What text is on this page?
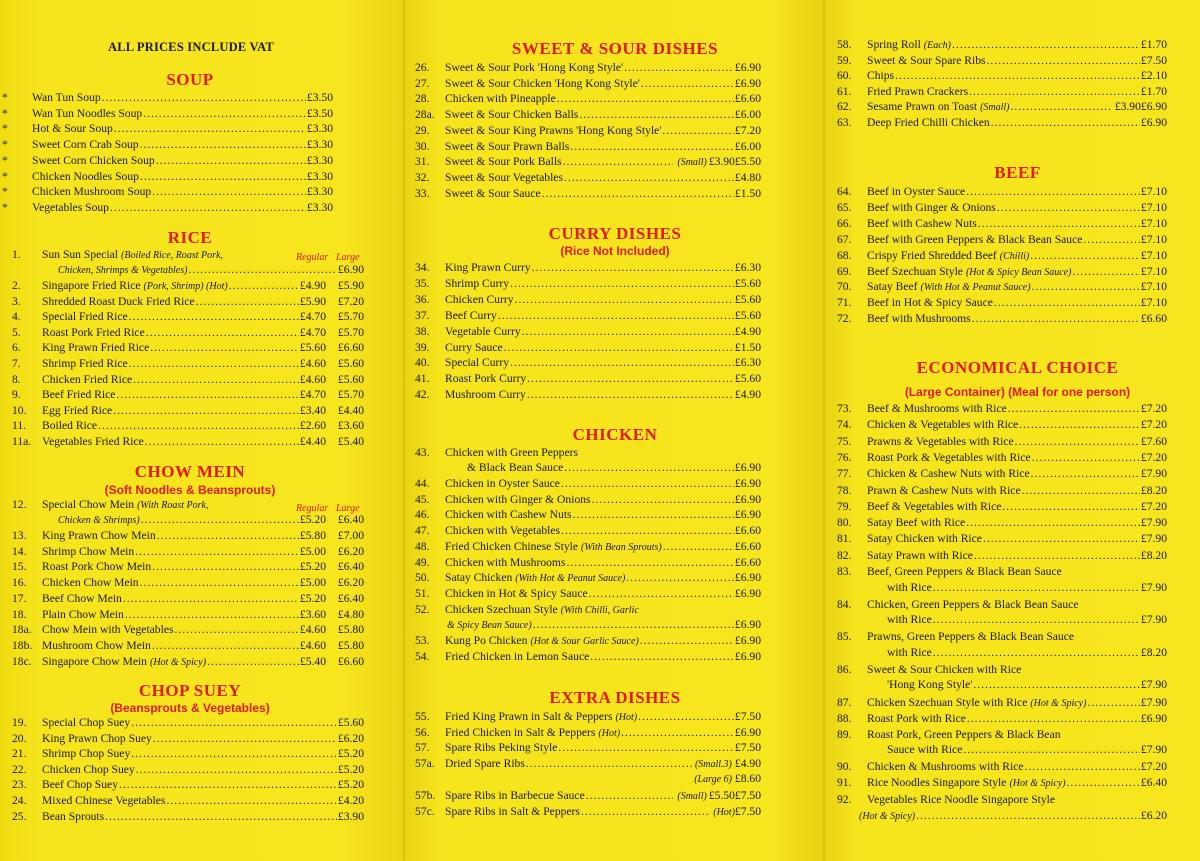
ALL PRICES INCLUDE VAT
SOUP
*	Wan Tun Soup .....	£3.50
*	Wan Tun Noodles Soup .....	£3.50
*	Hot & Sour Soup .....	£3.30
*	Sweet Corn Crab Soup .....	£3.30
*	Sweet Corn Chicken Soup .....	£3.30
*	Chicken Noodles Soup .....	£3.30
*	Chicken Mushroom Soup .....	£3.30
*	Vegetables Soup .....	£3.30
RICE
Regular Large
1.	Sun Sun Special (Boiled Rice, Roast Pork,
Chicken, Shrimps & Vegetables) .....	£6.90
2.	Singapore Fried Rice (Pork, Shrimp) (Hot) .....	£4.90	£5.90
3.	Shredded Roast Duck Fried Rice .....	£5.90	£7.20
4.	Special Fried Rice .....	£4.70	£5.70
5.	Roast Pork Fried Rice .....	£4.70	£5.70
6.	King Prawn Fried Rice .....	£5.60	£6.60
7.	Shrimp Fried Rice .....	£4.60	£5.60
8.	Chicken Fried Rice .....	£4.60	£5.60
9.	Beef Fried Rice .....	£4.70	£5.70
10.	Egg Fried Rice .....	£3.40	£4.40
11.	Boiled Rice .....	£2.60	£3.60
11a. Vegetables Fried Rice .....	£4.40	£5.40
CHOW MEIN
(Soft Noodles & Beansprouts)
Regular Large
12.	Special Chow Mein (With Roast Pork,
Chicken & Shrimps) .....	£5.20	£6.40
13.	King Prawn Chow Mein .....	£5.80	£7.00
14.	Shrimp Chow Mein .....	£5.00	£6.20
15.	Roast Pork Chow Mein .....	£5.20	£6.40
16.	Chicken Chow Mein .....	£5.00	£6.20
17.	Beef Chow Mein .....	£5.20	£6.40
18.	Plain Chow Mein .....	£3.60	£4.80
18a. Chow Mein with Vegetables .....	£4.60	£5.80
18b. Mushroom Chow Mein .....	£4.60	£5.80
18c. Singapore Chow Mein (Hot & Spicy) .....	£5.40	£6.60
CHOP SUEY
(Beansprouts & Vegetables)
19.	Special Chop Suey .....	£5.60
20.	King Prawn Chop Suey .....	£6.20
21.	Shrimp Chop Suey .....	£5.20
22.	Chicken Chop Suey .....	£5.20
23.	Beef Chop Suey .....	£5.20
24.	Mixed Chinese Vegetables .....	£4.20
25.	Bean Sprouts .....	£3.90
SWEET & SOUR DISHES
26.	Sweet & Sour Pork 'Hong Kong Style' .....	£6.90
27.	Sweet & Sour Chicken 'Hong Kong Style' .....	£6.90
28.	Chicken with Pineapple .....	£6.60
28a. Sweet & Sour Chicken Balls .....	£6.00
29.	Sweet & Sour King Prawns 'Hong Kong Style' .....	£7.20
30.	Sweet & Sour Prawn Balls .....	£6.00
31.	Sweet & Sour Pork Balls .....	(Small) £3.90 £5.50
32.	Sweet & Sour Vegetables .....	£4.80
33.	Sweet & Sour Sauce .....	£1.50
CURRY DISHES
(Rice Not Included)
34.	King Prawn Curry .....	£6.30
35.	Shrimp Curry .....	£5.60
36.	Chicken Curry .....	£5.60
37.	Beef Curry .....	£5.60
38.	Vegetable Curry .....	£4.90
39.	Curry Sauce .....	£1.50
40.	Special Curry .....	£6.30
41.	Roast Pork Curry .....	£5.60
42.	Mushroom Curry .....	£4.90
CHICKEN
43.	Chicken with Green Peppers
& Black Bean Sauce .....	£6.90
44.	Chicken in Oyster Sauce .....	£6.90
45.	Chicken with Ginger & Onions .....	£6.90
46.	Chicken with Cashew Nuts .....	£6.90
47.	Chicken with Vegetables .....	£6.60
48.	Fried Chicken Chinese Style (With Bean Sprouts) .....	£6.60
49.	Chicken with Mushrooms .....	£6.60
50.	Satay Chicken (With Hot & Peanut Sauce) .....	£6.90
51.	Chicken in Hot & Spicy Sauce .....	£6.90
52.	Chicken Szechuan Style (With Chilli, Garlic
& Spicy Bean Sauce) .....	£6.90
53.	Kung Po Chicken (Hot & Sour Garlic Sauce) .....	£6.90
54.	Fried Chicken in Lemon Sauce .....	£6.90
EXTRA DISHES
55.	Fried King Prawn in Salt & Peppers (Hot) .....	£7.50
56.	Fried Chicken in Salt & Peppers (Hot) .....	£6.90
57.	Spare Ribs Peking Style .....	£7.50
57a. Dried Spare Ribs .....	(Small.3) £4.90
(Large 6) £8.60
57b. Spare Ribs in Barbecue Sauce .....	(Small) £5.50 £7.50
57c. Spare Ribs in Salt & Peppers .....	(Hot) £7.50
58.	Spring Roll (Each) .....	£1.70
59.	Sweet & Sour Spare Ribs .....	£7.50
60.	Chips .....	£2.10
61.	Fried Prawn Crackers .....	£1.70
62.	Sesame Prawn on Toast (Small) .....	£3.90 £6.90
63.	Deep Fried Chilli Chicken .....	£6.90
BEEF
64.	Beef in Oyster Sauce .....	£7.10
65.	Beef with Ginger & Onions .....	£7.10
66.	Beef with Cashew Nuts .....	£7.10
67.	Beef with Green Peppers & Black Bean Sauce .....	£7.10
68.	Crispy Fried Shredded Beef (Chilli) .....	£7.10
69.	Beef Szechuan Style (Hot & Spicy Bean Sauce) .....	£7.10
70.	Satay Beef (With Hot & Peanut Sauce) .....	£7.10
71.	Beef in Hot & Spicy Sauce .....	£7.10
72.	Beef with Mushrooms .....	£6.60
ECONOMICAL CHOICE
(Large Container) (Meal for one person)
73.	Beef & Mushrooms with Rice .....	£7.20
74.	Chicken & Vegetables with Rice .....	£7.20
75.	Prawns & Vegetables with Rice .....	£7.60
76.	Roast Pork & Vegetables with Rice .....	£7.20
77.	Chicken & Cashew Nuts with Rice .....	£7.90
78.	Prawn & Cashew Nuts with Rice .....	£8.20
79.	Beef & Vegetables with Rice .....	£7.20
80.	Satay Beef with Rice .....	£7.90
81.	Satay Chicken with Rice .....	£7.90
82.	Satay Prawn with Rice .....	£8.20
83.	Beef, Green Peppers & Black Bean Sauce
with Rice .....	£7.90
84.	Chicken, Green Peppers & Black Bean Sauce
with Rice .....	£7.90
85.	Prawns, Green Peppers & Black Bean Sauce
with Rice .....	£8.20
86.	Sweet & Sour Chicken with Rice
'Hong Kong Style' .....	£7.90
87.	Chicken Szechuan Style with Rice (Hot & Spicy) .....	£7.90
88.	Roast Pork with Rice .....	£6.90
89.	Roast Pork, Green Peppers & Black Bean
Sauce with Rice .....	£7.90
90.	Chicken & Mushrooms with Rice .....	£7.20
91.	Rice Noodles Singapore Style (Hot & Spicy) .....	£6.40
92.	Vegetables Rice Noodle Singapore Style
(Hot & Spicy) .....	£6.20
